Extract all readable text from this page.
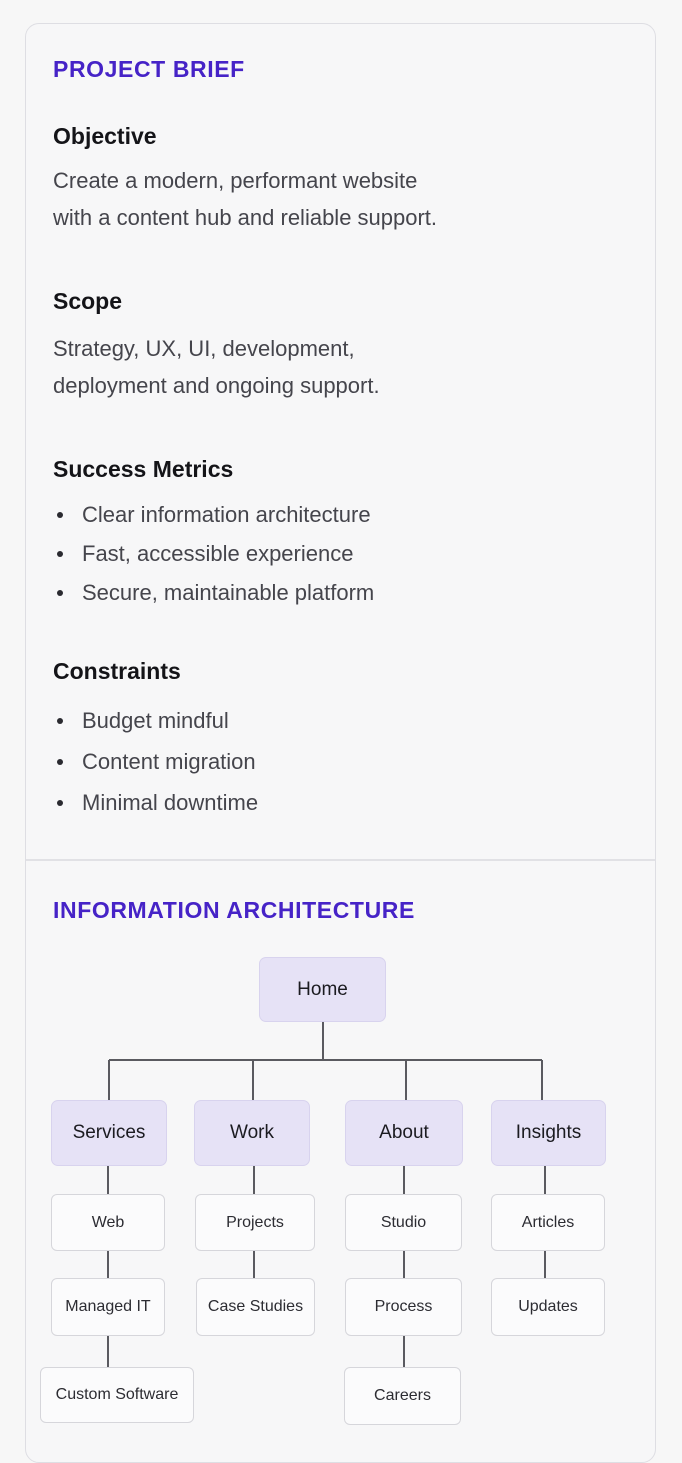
PROJECT BRIEF
Objective
Create a modern, performant website
with a content hub and reliable support.
Scope
Strategy, UX, UI, development,
deployment and ongoing support.
Success Metrics
Clear information architecture
Fast, accessible experience
Secure, maintainable platform
Constraints
Budget mindful
Content migration
Minimal downtime
INFORMATION ARCHITECTURE
Home
Services	Work	About	Insights
Web
Managed IT
Custom Software
Projects
Case Studies
Studio
Process
Careers
Articles
Updates
